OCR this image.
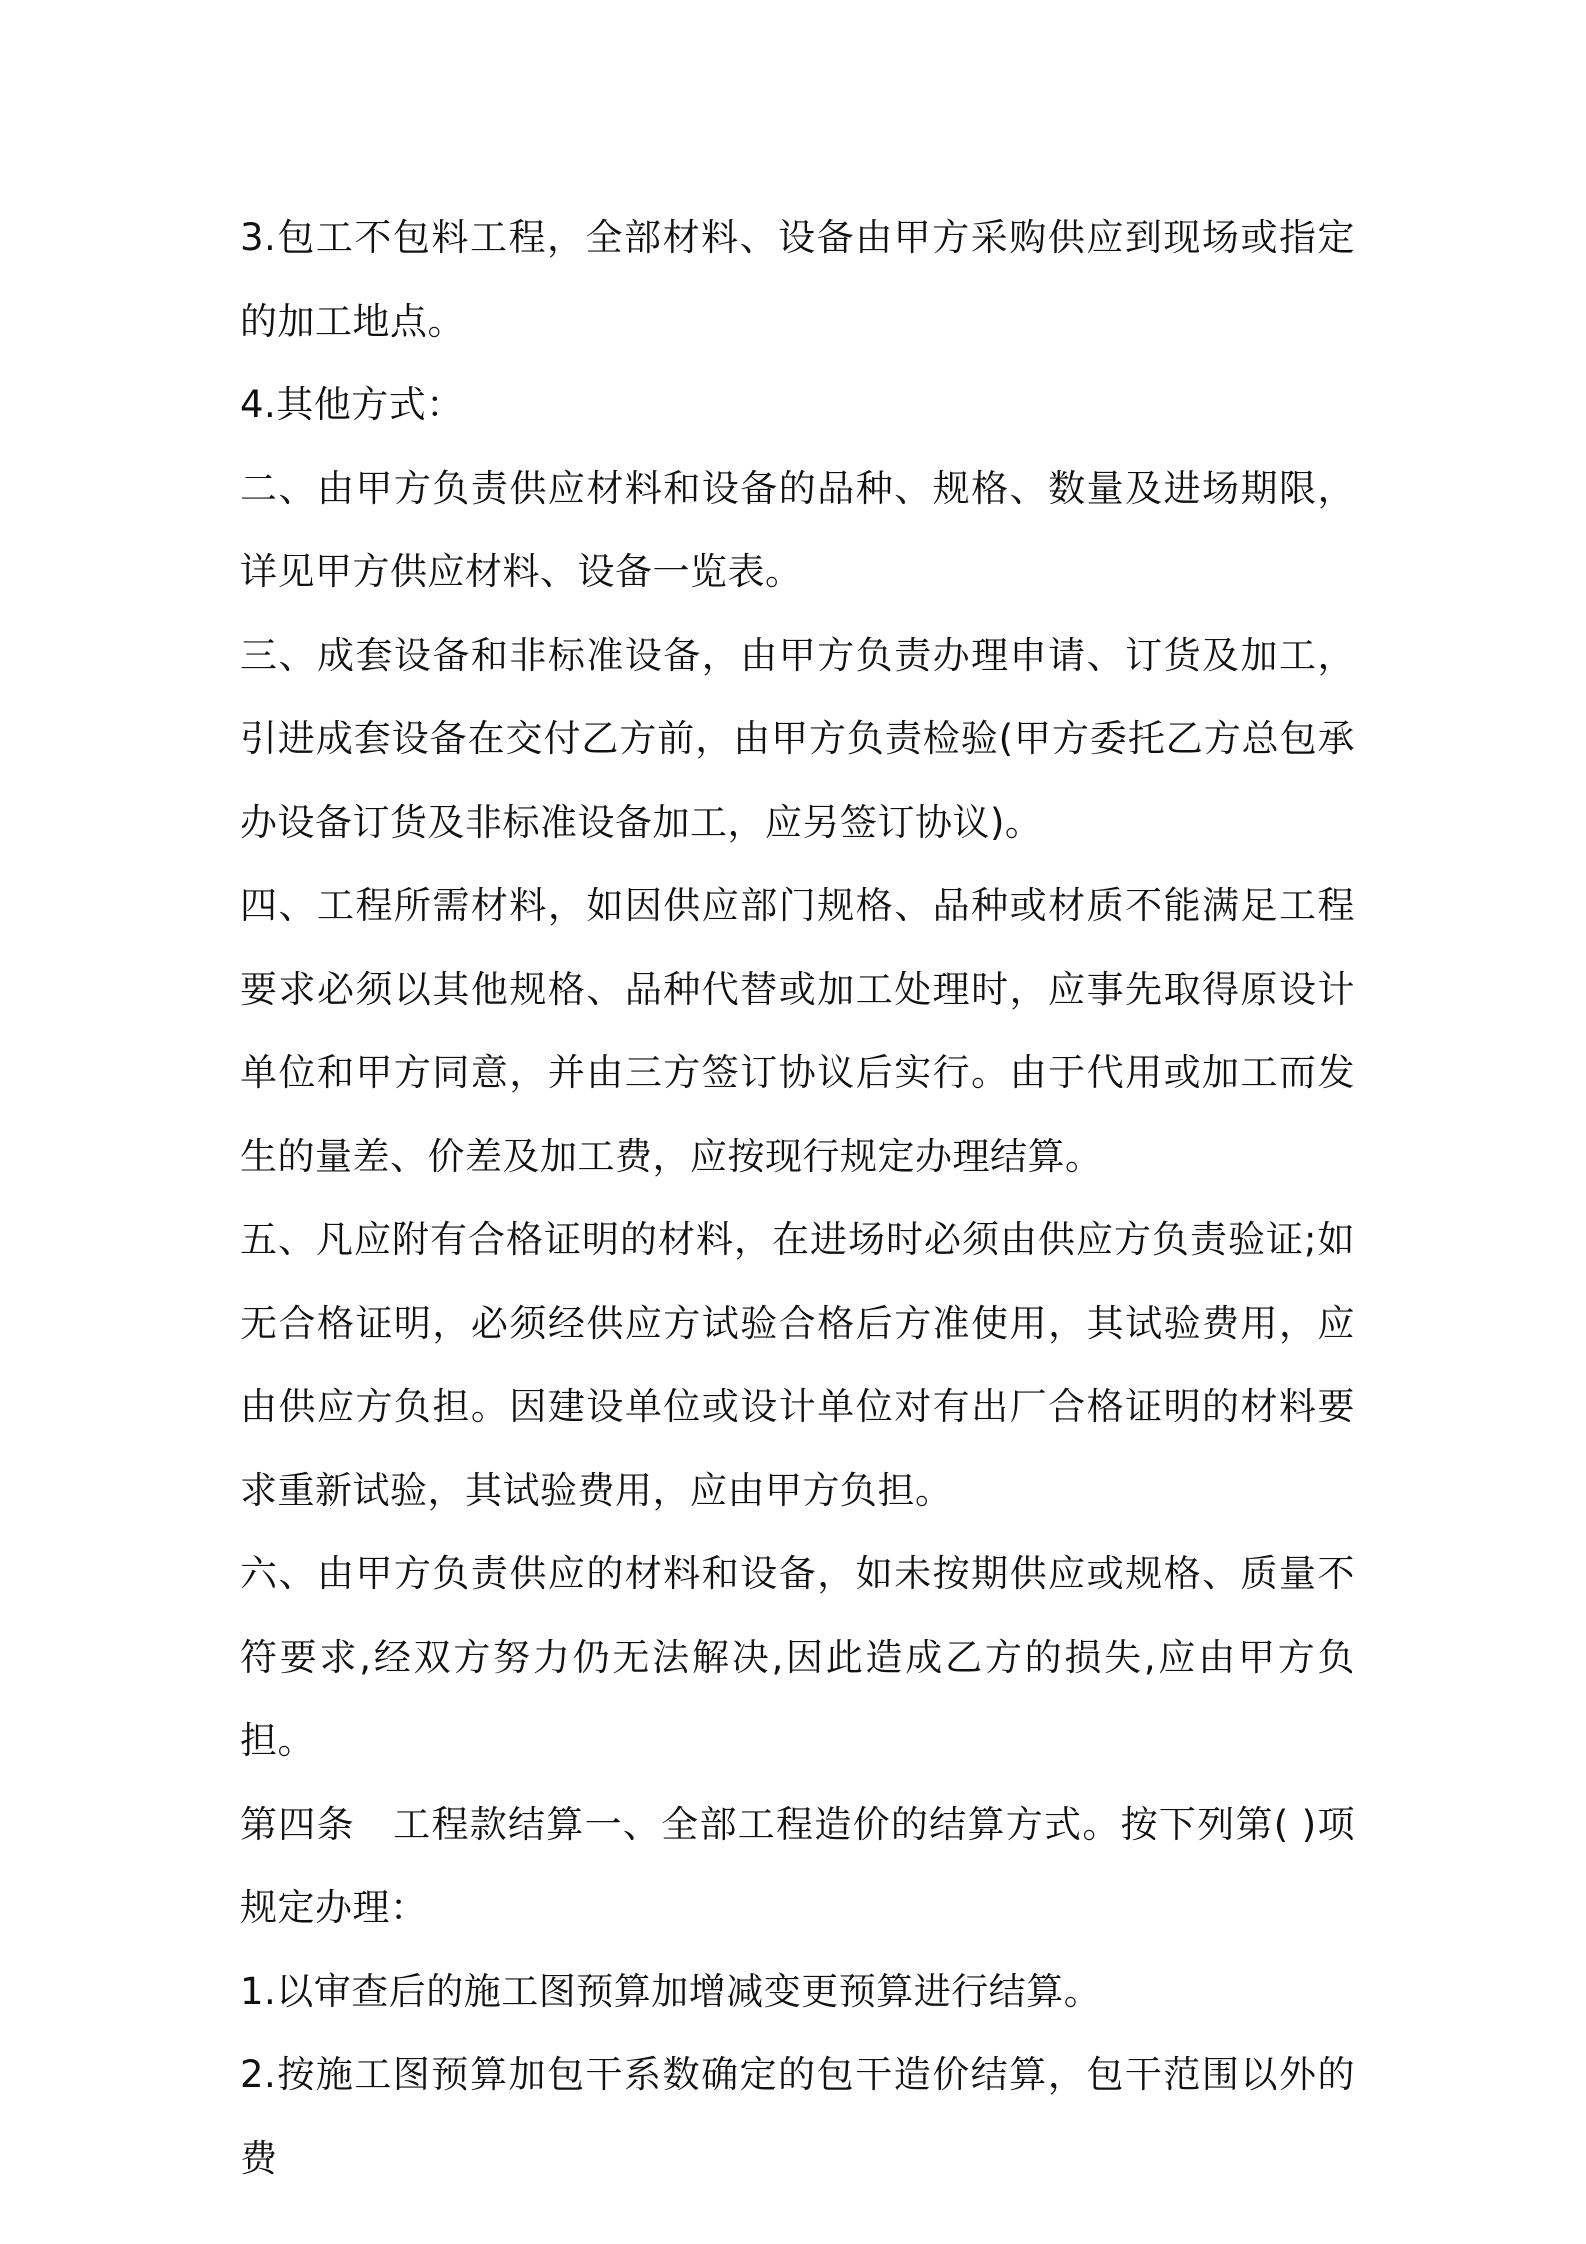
3.包工不包料工程，全部材料、设备由甲方采购供应到现场或指定的加工地点。

4.其他方式：

二、由甲方负责供应材料和设备的品种、规格、数量及进场期限，详见甲方供应材料、设备一览表。

三、成套设备和非标准设备，由甲方负责办理申请、订货及加工，引进成套设备在交付乙方前，由甲方负责检验(甲方委托乙方总包承办设备订货及非标准设备加工，应另签订协议)。

四、工程所需材料，如因供应部门规格、品种或材质不能满足工程要求必须以其他规格、品种代替或加工处理时，应事先取得原设计单位和甲方同意，并由三方签订协议后实行。由于代用或加工而发生的量差、价差及加工费，应按现行规定办理结算。

五、凡应附有合格证明的材料，在进场时必须由供应方负责验证;如无合格证明，必须经供应方试验合格后方准使用，其试验费用，应由供应方负担。因建设单位或设计单位对有出厂合格证明的材料要求重新试验，其试验费用，应由甲方负担。

六、由甲方负责供应的材料和设备，如未按期供应或规格、质量不符要求,经双方努力仍无法解决,因此造成乙方的损失,应由甲方负担。

第四条　工程款结算一、全部工程造价的结算方式。按下列第( )项规定办理：

1.以审查后的施工图预算加增减变更预算进行结算。

2.按施工图预算加包干系数确定的包干造价结算，包干范围以外的费
